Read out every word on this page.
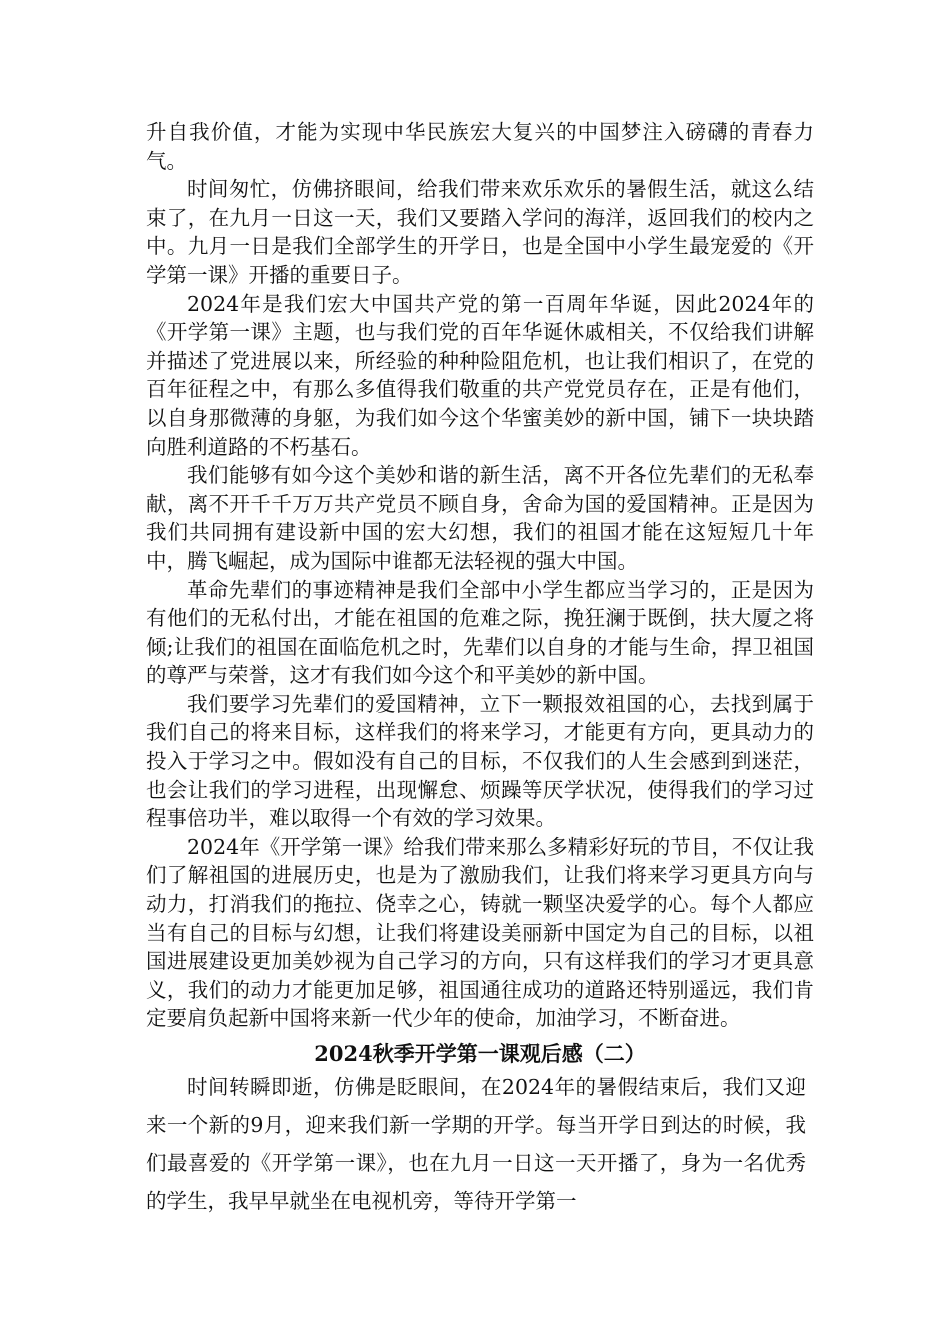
升自我价值，才能为实现中华民族宏大复兴的中国梦注入磅礴的青春力气。

时间匆忙，仿佛挤眼间，给我们带来欢乐欢乐的暑假生活，就这么结束了，在九月一日这一天，我们又要踏入学问的海洋，返回我们的校内之中。九月一日是我们全部学生的开学日，也是全国中小学生最宠爱的《开学第一课》开播的重要日子。

2024年是我们宏大中国共产党的第一百周年华诞，因此2024年的《开学第一课》主题，也与我们党的百年华诞休戚相关，不仅给我们讲解并描述了党进展以来，所经验的种种险阻危机，也让我们相识了，在党的百年征程之中，有那么多值得我们敬重的共产党党员存在，正是有他们，以自身那微薄的身躯，为我们如今这个华蜜美妙的新中国，铺下一块块踏向胜利道路的不朽基石。

我们能够有如今这个美妙和谐的新生活，离不开各位先辈们的无私奉献，离不开千千万万共产党员不顾自身，舍命为国的爱国精神。正是因为我们共同拥有建设新中国的宏大幻想，我们的祖国才能在这短短几十年中，腾飞崛起，成为国际中谁都无法轻视的强大中国。

革命先辈们的事迹精神是我们全部中小学生都应当学习的，正是因为有他们的无私付出，才能在祖国的危难之际，挽狂澜于既倒，扶大厦之将倾;让我们的祖国在面临危机之时，先辈们以自身的才能与生命，捍卫祖国的尊严与荣誉，这才有我们如今这个和平美妙的新中国。

我们要学习先辈们的爱国精神，立下一颗报效祖国的心，去找到属于我们自己的将来目标，这样我们的将来学习，才能更有方向，更具动力的投入于学习之中。假如没有自己的目标，不仅我们的人生会感到到迷茫，也会让我们的学习进程，出现懈怠、烦躁等厌学状况，使得我们的学习过程事倍功半，难以取得一个有效的学习效果。

2024年《开学第一课》给我们带来那么多精彩好玩的节目，不仅让我们了解祖国的进展历史，也是为了激励我们，让我们将来学习更具方向与动力，打消我们的拖拉、侥幸之心，铸就一颗坚决爱学的心。每个人都应当有自己的目标与幻想，让我们将建设美丽新中国定为自己的目标，以祖国进展建设更加美妙视为自己学习的方向，只有这样我们的学习才更具意义，我们的动力才能更加足够，祖国通往成功的道路还特别遥远，我们肯定要肩负起新中国将来新一代少年的使命，加油学习，不断奋进。

2024秋季开学第一课观后感（二）

时间转瞬即逝，仿佛是眨眼间，在2024年的暑假结束后，我们又迎来一个新的9月，迎来我们新一学期的开学。每当开学日到达的时候，我们最喜爱的《开学第一课》，也在九月一日这一天开播了，身为一名优秀的学生，我早早就坐在电视机旁，等待开学第一
